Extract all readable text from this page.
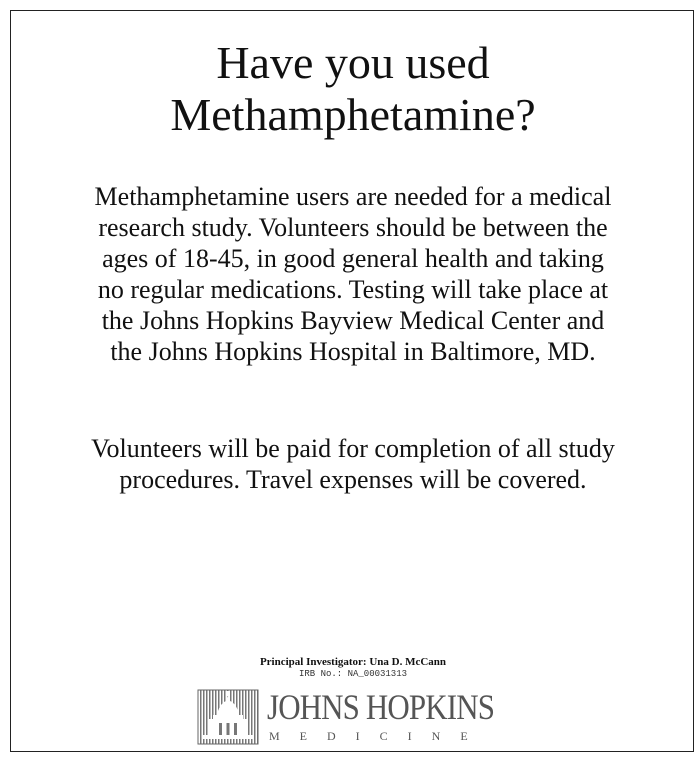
Have you used
Methamphetamine?

Methamphetamine users are needed for a medical
research study. Volunteers should be between the
ages of 18-45, in good general health and taking
no regular medications. Testing will take place at
the Johns Hopkins Bayview Medical Center and
the Johns Hopkins Hospital in Baltimore, MD.

Volunteers will be paid for completion of all study
procedures. Travel expenses will be covered.

Principal Investigator: Una D. McCann
IRB No.: NA_00031313
JOHNS HOPKINS
MEDICINE
